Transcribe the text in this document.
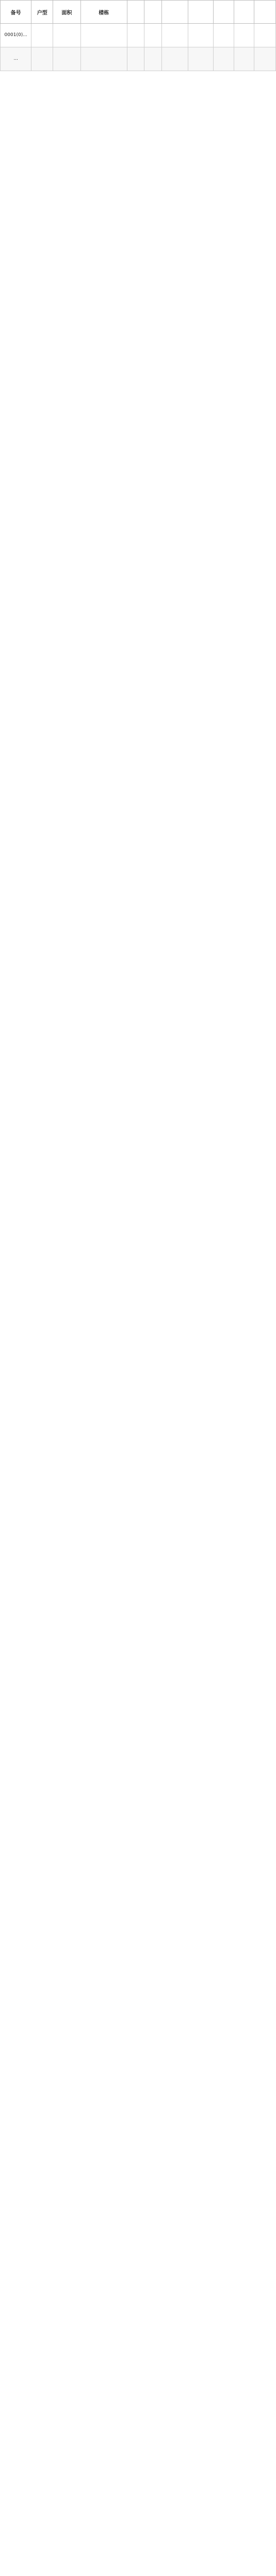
备号	户型	面积	楼栋							
0001(0)...										
...										
